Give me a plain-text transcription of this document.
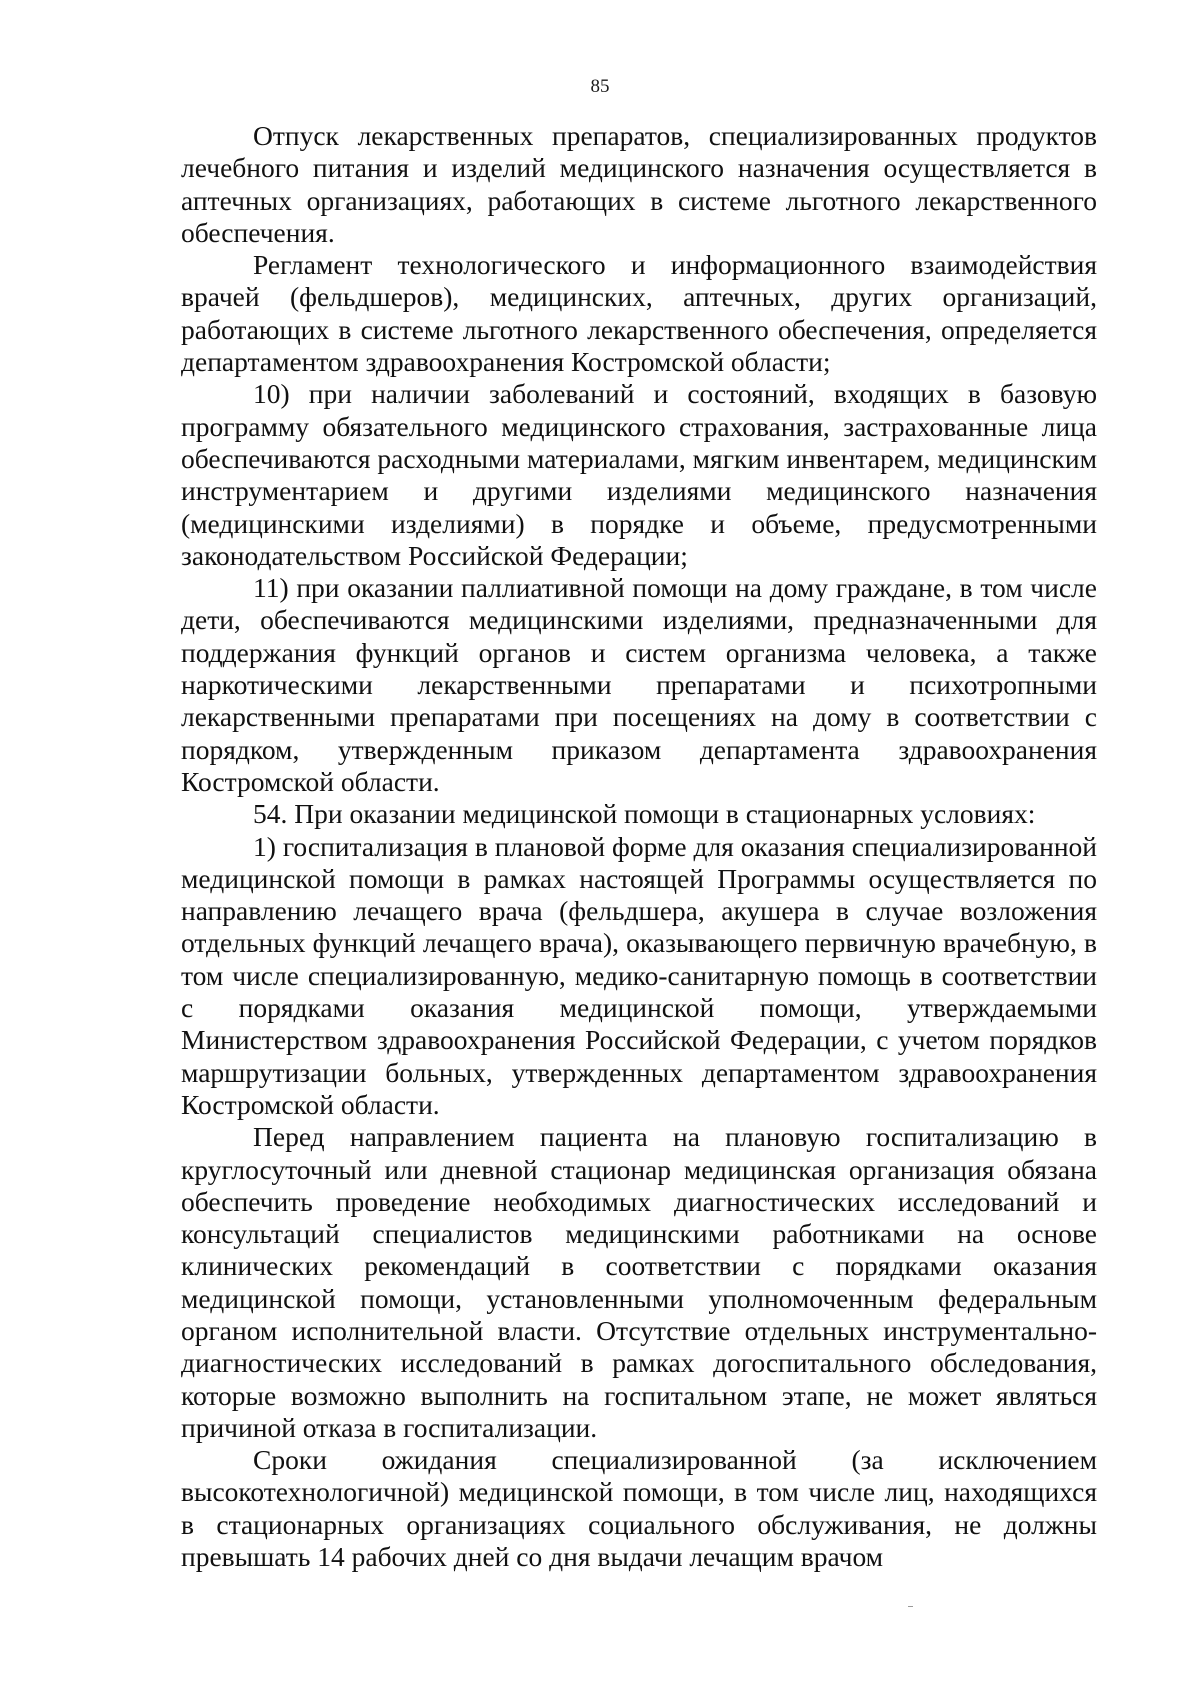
85

Отпуск лекарственных препаратов, специализированных продуктов лечебного питания и изделий медицинского назначения осуществляется в аптечных организациях, работающих в системе льготного лекарственного обеспечения.

Регламент технологического и информационного взаимодействия врачей (фельдшеров), медицинских, аптечных, других организаций, работающих в системе льготного лекарственного обеспечения, определяется департаментом здравоохранения Костромской области;

10) при наличии заболеваний и состояний, входящих в базовую программу обязательного медицинского страхования, застрахованные лица обеспечиваются расходными материалами, мягким инвентарем, медицинским инструментарием и другими изделиями медицинского назначения (медицинскими изделиями) в порядке и объеме, предусмотренными законодательством Российской Федерации;

11) при оказании паллиативной помощи на дому граждане, в том числе дети, обеспечиваются медицинскими изделиями, предназначенными для поддержания функций органов и систем организма человека, а также наркотическими лекарственными препаратами и психотропными лекарственными препаратами при посещениях на дому в соответствии с порядком, утвержденным приказом департамента здравоохранения Костромской области.

54. При оказании медицинской помощи в стационарных условиях:

1) госпитализация в плановой форме для оказания специализированной медицинской помощи в рамках настоящей Программы осуществляется по направлению лечащего врача (фельдшера, акушера в случае возложения отдельных функций лечащего врача), оказывающего первичную врачебную, в том числе специализированную, медико-санитарную помощь в соответствии с порядками оказания медицинской помощи, утверждаемыми Министерством здравоохранения Российской Федерации, с учетом порядков маршрутизации больных, утвержденных департаментом здравоохранения Костромской области.

Перед направлением пациента на плановую госпитализацию в круглосуточный или дневной стационар медицинская организация обязана обеспечить проведение необходимых диагностических исследований и консультаций специалистов медицинскими работниками на основе клинических рекомендаций в соответствии с порядками оказания медицинской помощи, установленными уполномоченным федеральным органом исполнительной власти. Отсутствие отдельных инструментально-диагностических исследований в рамках догоспитального обследования, которые возможно выполнить на госпитальном этапе, не может являться причиной отказа в госпитализации.

Сроки ожидания специализированной (за исключением высокотехнологичной) медицинской помощи, в том числе лиц, находящихся в стационарных организациях социального обслуживания, не должны превышать 14 рабочих дней со дня выдачи лечащим врачом
